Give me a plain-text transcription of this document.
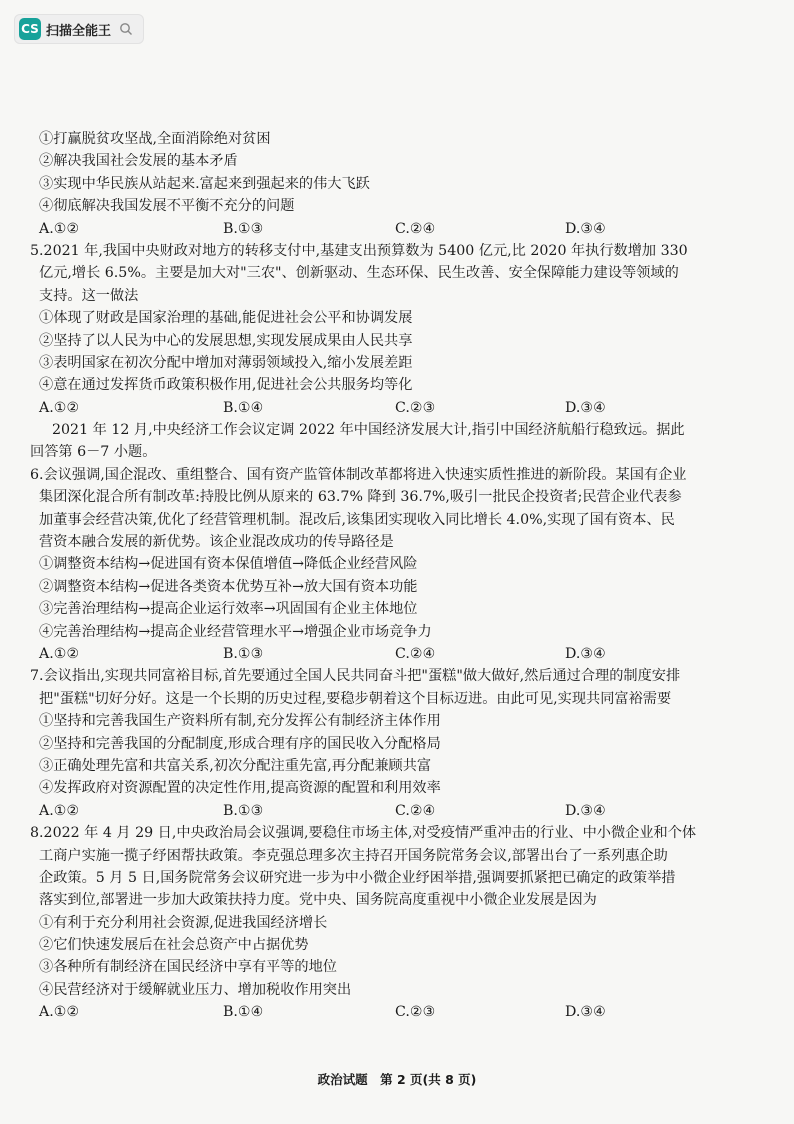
CS 扫描全能王
①打赢脱贫攻坚战,全面消除绝对贫困
②解决我国社会发展的基本矛盾
③实现中华民族从站起来.富起来到强起来的伟大飞跃
④彻底解决我国发展不平衡不充分的问题
A.①②	B.①③	C.②④	D.③④
5.2021 年,我国中央财政对地方的转移支付中,基建支出预算数为 5400 亿元,比 2020 年执行数增加 330
亿元,增长 6.5%。主要是加大对"三农"、创新驱动、生态环保、民生改善、安全保障能力建设等领域的
支持。这一做法
①体现了财政是国家治理的基础,能促进社会公平和协调发展
②坚持了以人民为中心的发展思想,实现发展成果由人民共享
③表明国家在初次分配中增加对薄弱领域投入,缩小发展差距
④意在通过发挥货币政策积极作用,促进社会公共服务均等化
A.①②	B.①④	C.②③	D.③④
2021 年 12 月,中央经济工作会议定调 2022 年中国经济发展大计,指引中国经济航船行稳致远。据此
回答第 6－7 小题。
6.会议强调,国企混改、重组整合、国有资产监管体制改革都将进入快速实质性推进的新阶段。某国有企业
集团深化混合所有制改革:持股比例从原来的 63.7% 降到 36.7%,吸引一批民企投资者;民营企业代表参
加董事会经营决策,优化了经营管理机制。混改后,该集团实现收入同比增长 4.0%,实现了国有资本、民
营资本融合发展的新优势。该企业混改成功的传导路径是
①调整资本结构→促进国有资本保值增值→降低企业经营风险
②调整资本结构→促进各类资本优势互补→放大国有资本功能
③完善治理结构→提高企业运行效率→巩固国有企业主体地位
④完善治理结构→提高企业经营管理水平→增强企业市场竞争力
A.①②	B.①③	C.②④	D.③④
7.会议指出,实现共同富裕目标,首先要通过全国人民共同奋斗把"蛋糕"做大做好,然后通过合理的制度安排
把"蛋糕"切好分好。这是一个长期的历史过程,要稳步朝着这个目标迈进。由此可见,实现共同富裕需要
①坚持和完善我国生产资料所有制,充分发挥公有制经济主体作用
②坚持和完善我国的分配制度,形成合理有序的国民收入分配格局
③正确处理先富和共富关系,初次分配注重先富,再分配兼顾共富
④发挥政府对资源配置的决定性作用,提高资源的配置和利用效率
A.①②	B.①③	C.②④	D.③④
8.2022 年 4 月 29 日,中央政治局会议强调,要稳住市场主体,对受疫情严重冲击的行业、中小微企业和个体
工商户实施一揽子纾困帮扶政策。李克强总理多次主持召开国务院常务会议,部署出台了一系列惠企助
企政策。5 月 5 日,国务院常务会议研究进一步为中小微企业纾困举措,强调要抓紧把已确定的政策举措
落实到位,部署进一步加大政策扶持力度。党中央、国务院高度重视中小微企业发展是因为
①有利于充分利用社会资源,促进我国经济增长
②它们快速发展后在社会总资产中占据优势
③各种所有制经济在国民经济中享有平等的地位
④民营经济对于缓解就业压力、增加税收作用突出
A.①②	B.①④	C.②③	D.③④
政治试题　第 2 页(共 8 页)
